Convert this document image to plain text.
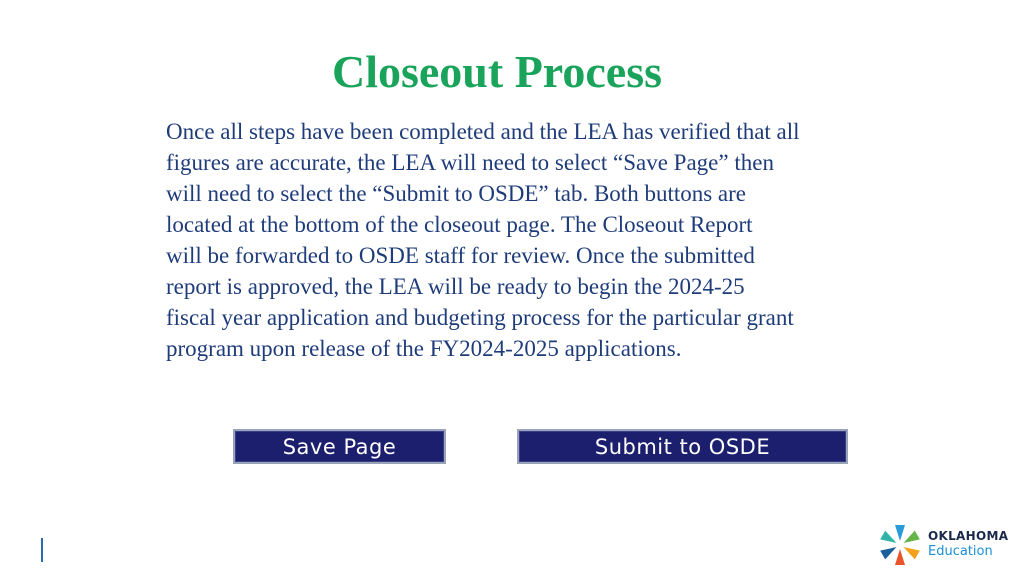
Closeout Process

Once all steps have been completed and the LEA has verified that all
figures are accurate, the LEA will need to select “Save Page” then
will need to select the “Submit to OSDE” tab. Both buttons are
located at the bottom of the closeout page. The Closeout Report
will be forwarded to OSDE staff for review. Once the submitted
report is approved, the LEA will be ready to begin the 2024-25
fiscal year application and budgeting process for the particular grant
program upon release of the FY2024-2025 applications.

Save Page	Submit to OSDE
OKLAHOMA
Education
